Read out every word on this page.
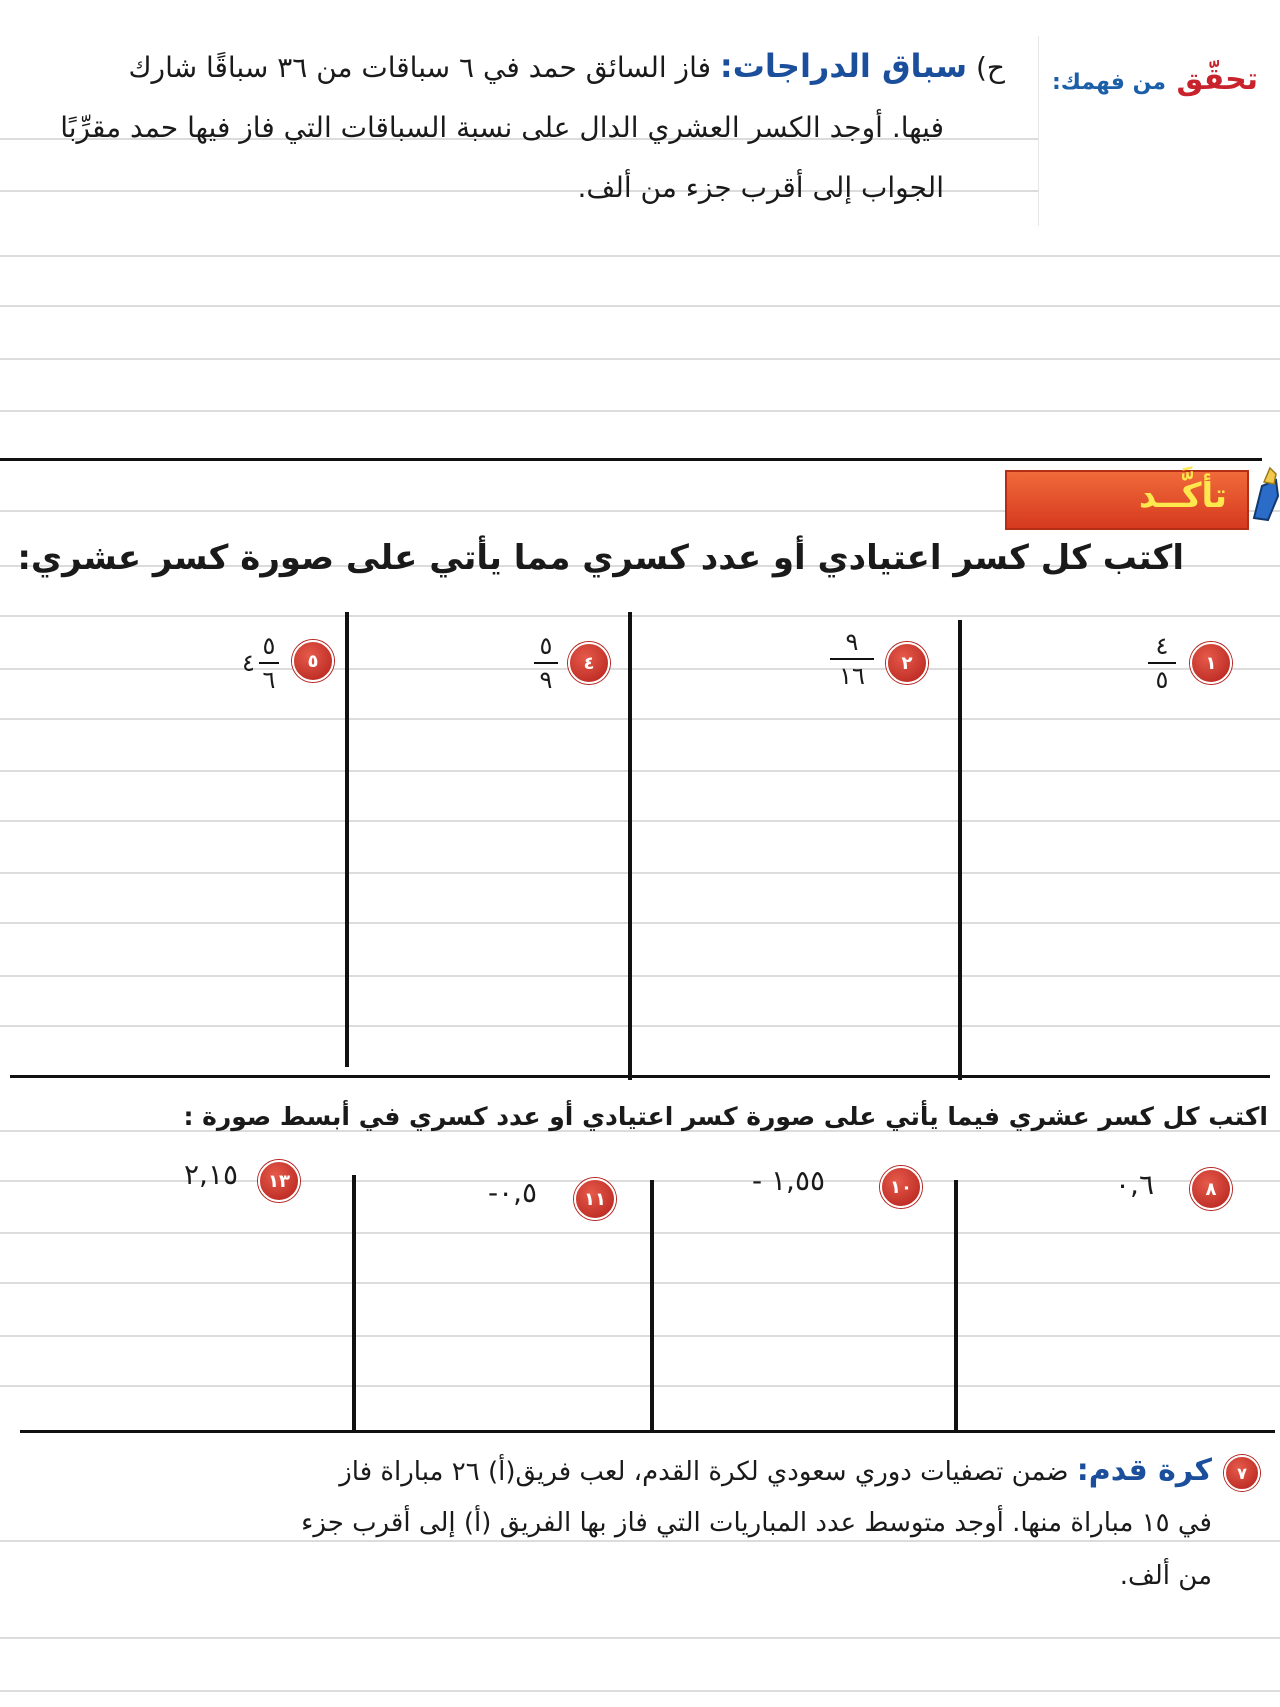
تحقّق من فهمك:
ح) سباق الدراجات: فاز السائق حمد في ٦ سباقات من ٣٦ سباقًا شارك
فيها. أوجد الكسر العشري الدال على نسبة السباقات التي فاز فيها حمد مقرِّبًا
الجواب إلى أقرب جزء من ألف.
تأكَّــد
اكتب كل كسر اعتيادي أو عدد كسري مما يأتي على صورة كسر عشري:
١
٤
٥
٢
٩
١٦
٤
٥
٩
٥
٤ $\frac{٥}{٦}$
اكتب كل كسر عشري فيما يأتي على صورة كسر اعتيادي أو عدد كسري في أبسط صورة :
٨
٠,٦
١٠
- ١,٥٥
١١
-٠,٥
١٣
٢,١٥
٧
كرة قدم: ضمن تصفيات دوري سعودي لكرة القدم، لعب فريق(أ) ٢٦ مباراة فاز
في ١٥ مباراة منها. أوجد متوسط عدد المباريات التي فاز بها الفريق (أ) إلى أقرب جزء
من ألف.
